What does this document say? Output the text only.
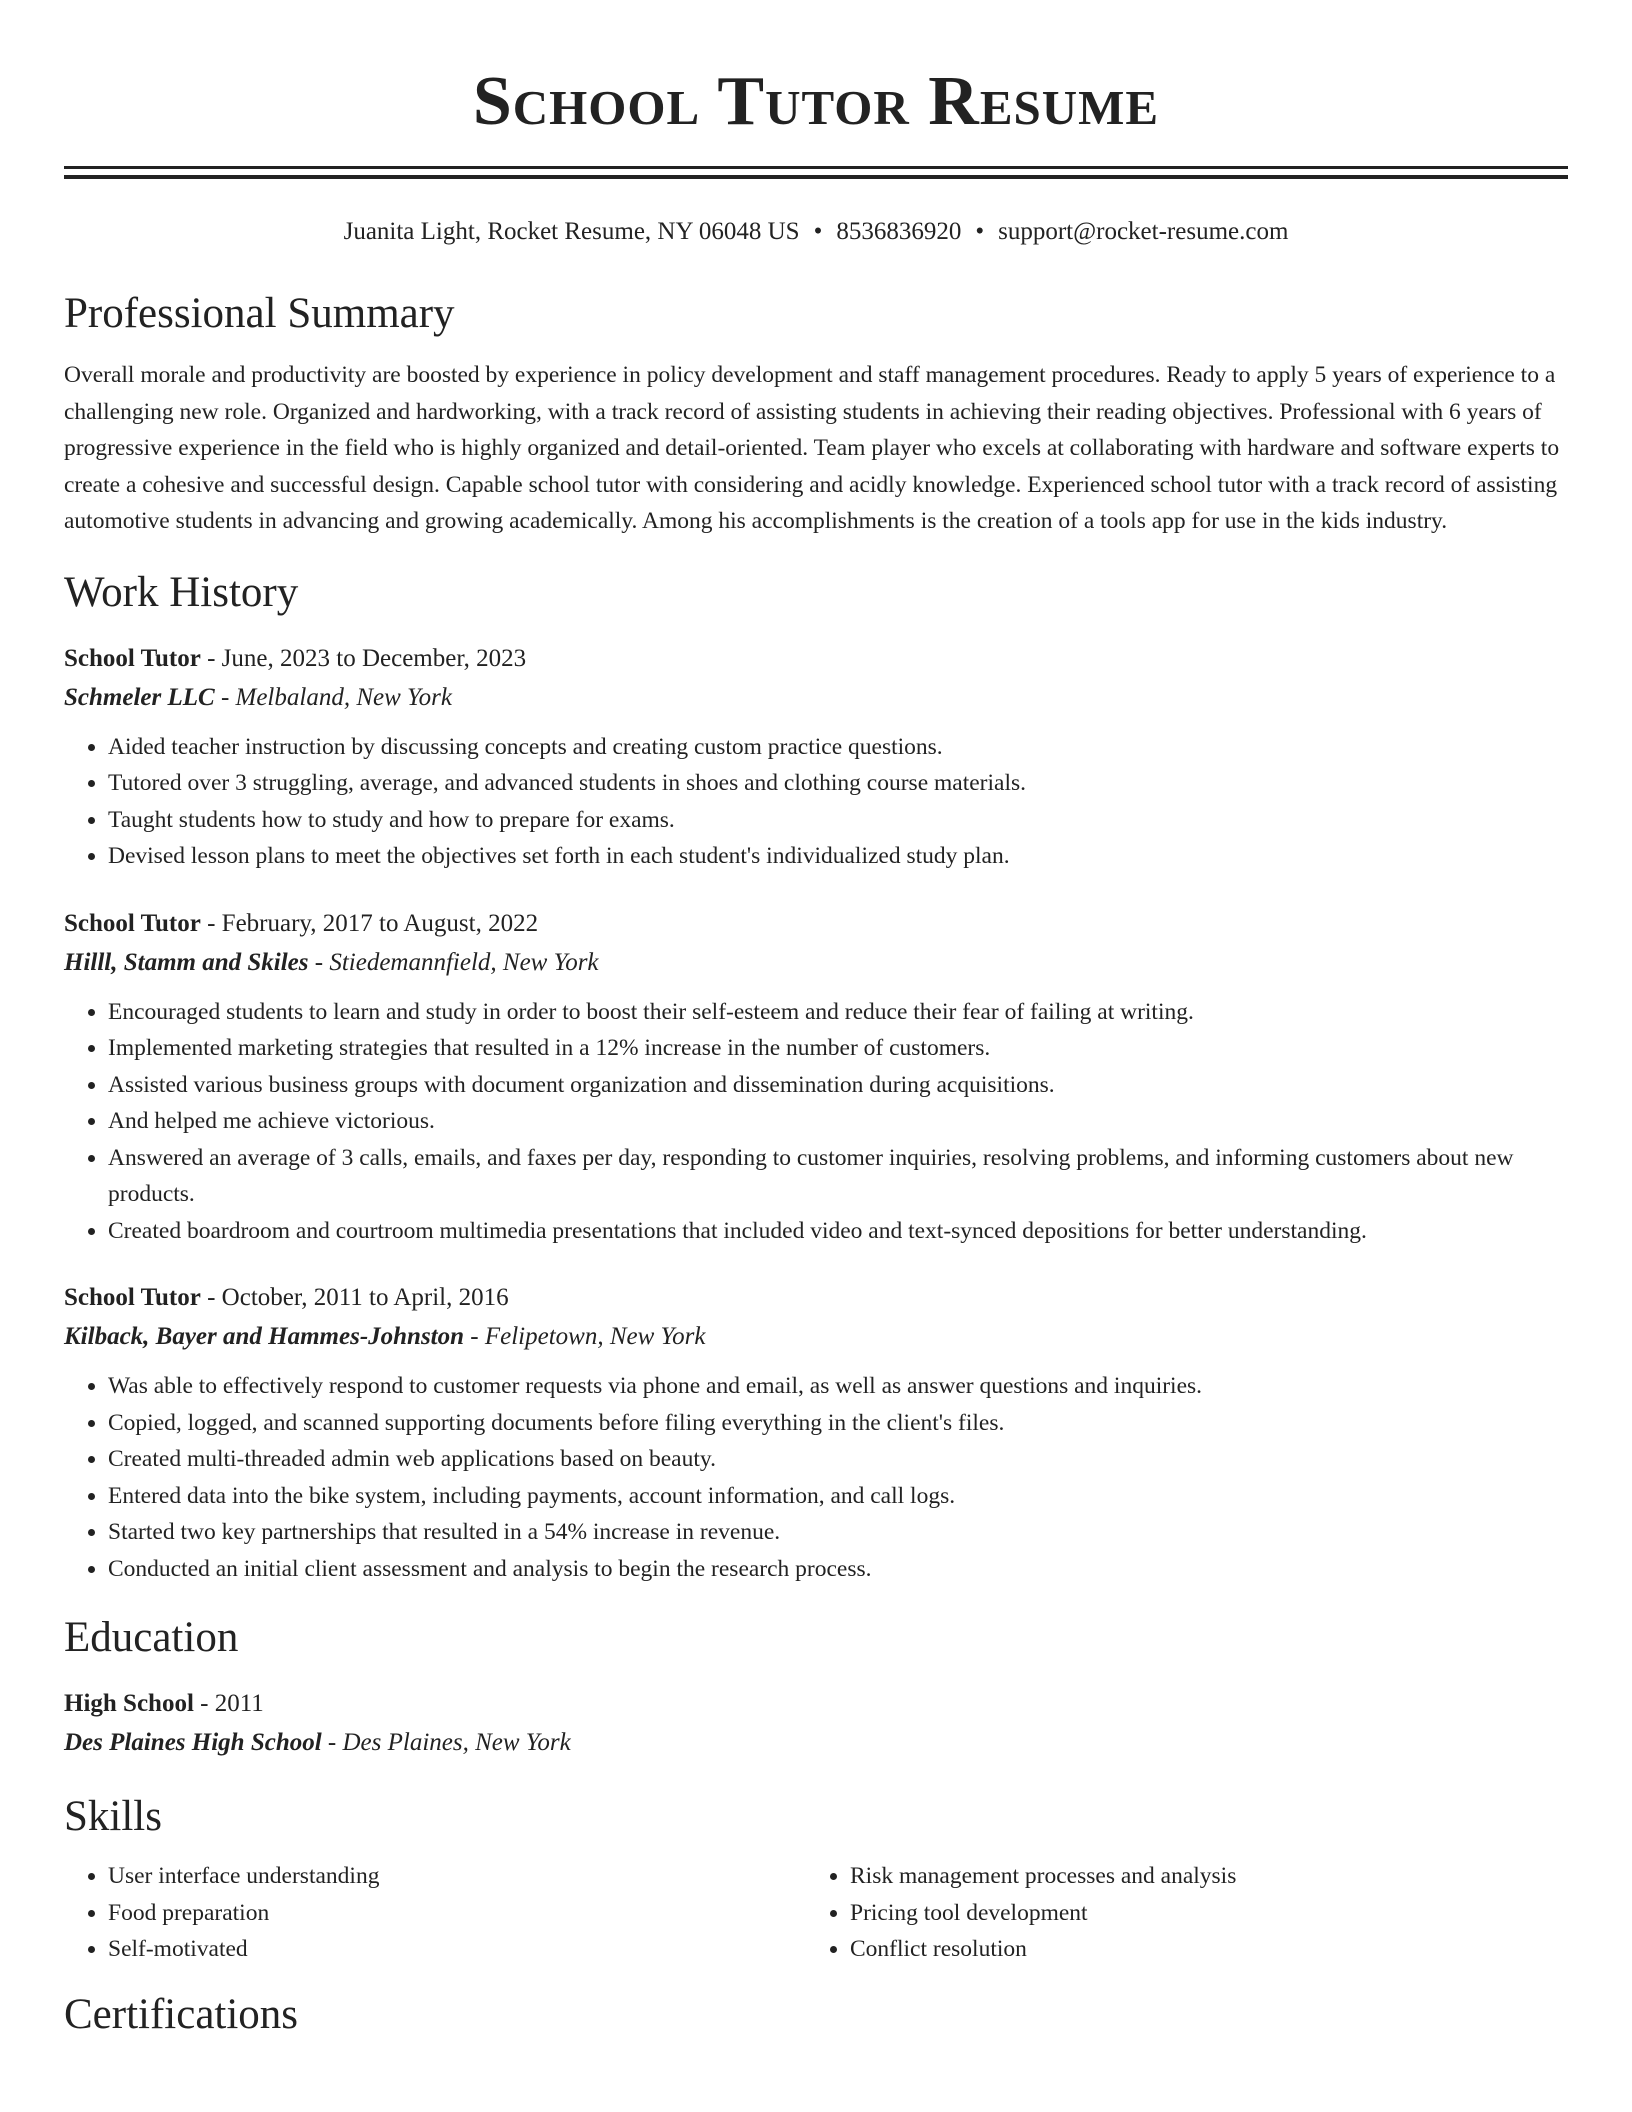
School Tutor Resume
Juanita Light, Rocket Resume, NY 06048 US • 8536836920 • support@rocket-resume.com
Professional Summary
Overall morale and productivity are boosted by experience in policy development and staff management procedures. Ready to apply 5 years of experience to a challenging new role. Organized and hardworking, with a track record of assisting students in achieving their reading objectives. Professional with 6 years of progressive experience in the field who is highly organized and detail-oriented. Team player who excels at collaborating with hardware and software experts to create a cohesive and successful design. Capable school tutor with considering and acidly knowledge. Experienced school tutor with a track record of assisting automotive students in advancing and growing academically. Among his accomplishments is the creation of a tools app for use in the kids industry.
Work History
School Tutor - June, 2023 to December, 2023
Schmeler LLC - Melbaland, New York
• Aided teacher instruction by discussing concepts and creating custom practice questions.
• Tutored over 3 struggling, average, and advanced students in shoes and clothing course materials.
• Taught students how to study and how to prepare for exams.
• Devised lesson plans to meet the objectives set forth in each student's individualized study plan.
School Tutor - February, 2017 to August, 2022
Hilll, Stamm and Skiles - Stiedemannfield, New York
• Encouraged students to learn and study in order to boost their self-esteem and reduce their fear of failing at writing.
• Implemented marketing strategies that resulted in a 12% increase in the number of customers.
• Assisted various business groups with document organization and dissemination during acquisitions.
• And helped me achieve victorious.
• Answered an average of 3 calls, emails, and faxes per day, responding to customer inquiries, resolving problems, and informing customers about new products.
• Created boardroom and courtroom multimedia presentations that included video and text-synced depositions for better understanding.
School Tutor - October, 2011 to April, 2016
Kilback, Bayer and Hammes-Johnston - Felipetown, New York
• Was able to effectively respond to customer requests via phone and email, as well as answer questions and inquiries.
• Copied, logged, and scanned supporting documents before filing everything in the client's files.
• Created multi-threaded admin web applications based on beauty.
• Entered data into the bike system, including payments, account information, and call logs.
• Started two key partnerships that resulted in a 54% increase in revenue.
• Conducted an initial client assessment and analysis to begin the research process.
Education
High School - 2011
Des Plaines High School - Des Plaines, New York
Skills
• User interface understanding
• Food preparation
• Self-motivated
• Risk management processes and analysis
• Pricing tool development
• Conflict resolution
Certifications
